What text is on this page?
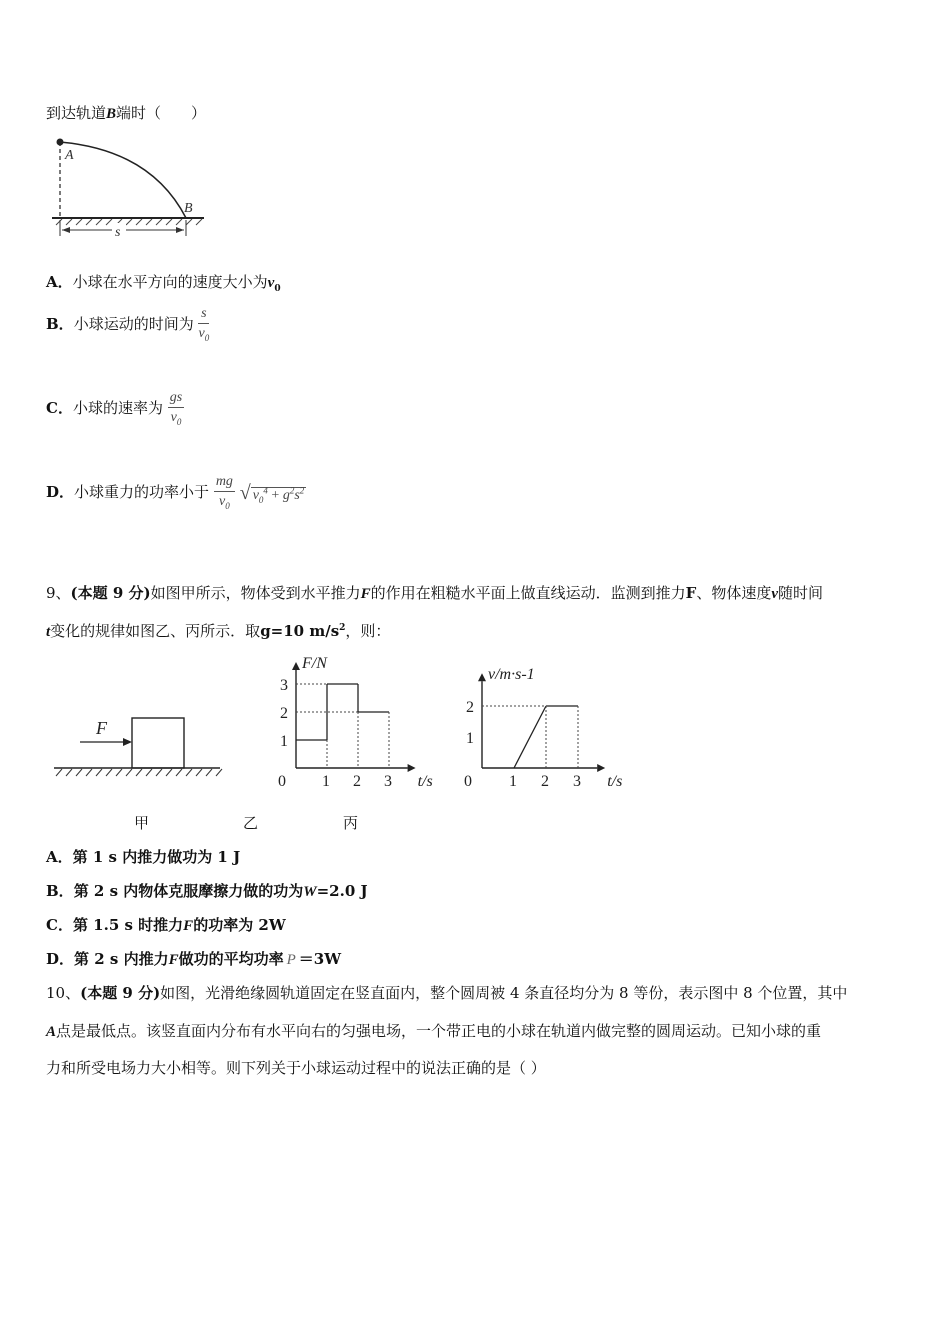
到达轨道B端时（　　）
A
B
s
A．小球在水平方向的速度大小为$v_0$
B．小球运动的时间为 $\frac{s}{v_0}$
C．小球的速率为 $\frac{gs}{v_0}$
D．小球重力的功率小于 $\frac{mg}{v_0}$ √ $v_0^4 + g^2s^2$
9、(本题 9 分)如图甲所示，物体受到水平推力F的作用在粗糙水平面上做直线运动．监测到推力F、物体速度v随时间
t变化的规律如图乙、丙所示．取g=10 $m/s^2$，则：
F
F/N
t/s
0 1 2 3
1
2
3
v/m·s-1
t/s
0 1 2 3
1
2
甲	乙	丙
A．第 1 s 内推力做功为 1 J
B．第 2 s 内物体克服摩擦力做的功为W=2.0 J
C．第 1.5 s 时推力F的功率为 2W
D．第 2 s 内推力F做功的平均功率 P ＝3W
10、(本题 9 分)如图，光滑绝缘圆轨道固定在竖直面内，整个圆周被 4 条直径均分为 8 等份，表示图中 8 个位置，其中
A点是最低点。该竖直面内分布有水平向右的匀强电场，一个带正电的小球在轨道内做完整的圆周运动。已知小球的重
力和所受电场力大小相等。则下列关于小球运动过程中的说法正确的是（ ）
